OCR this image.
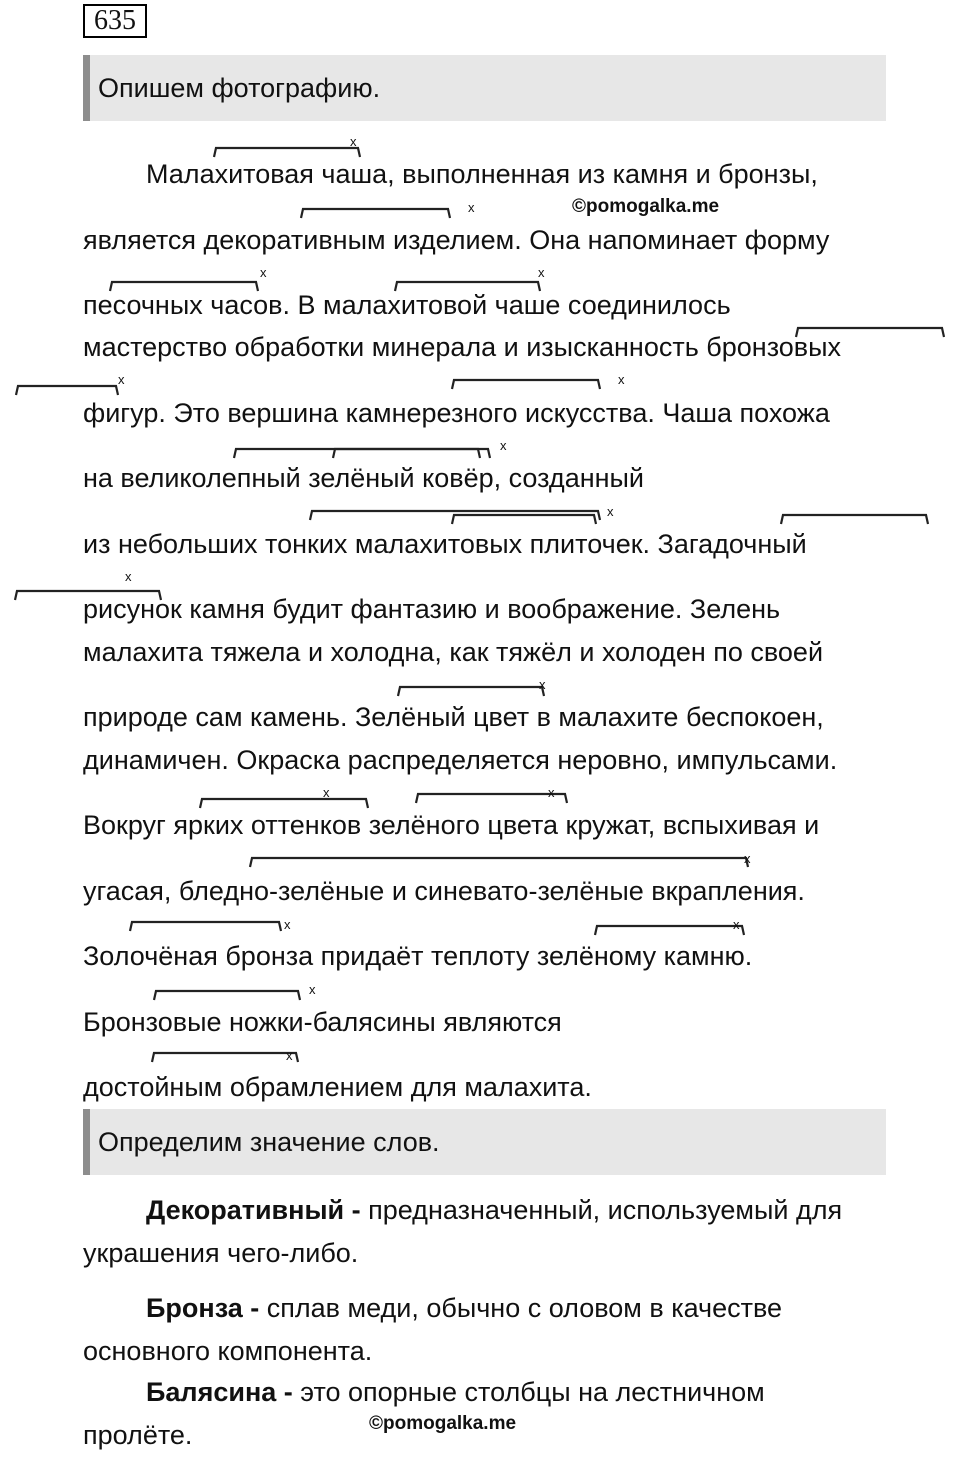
635
Опишем фотографию.
Малахитовая чаша, выполненная из камня и бронзы,
является декоративным изделием. Она напоминает форму
песочных часов. В малахитовой чаше соединилось
мастерство обработки минерала и изысканность бронзовых
фигур. Это вершина камнерезного искусства. Чаша похожа
на великолепный зелёный ковёр, созданный
из небольших тонких малахитовых плиточек. Загадочный
рисунок камня будит фантазию и воображение. Зелень
малахита тяжела и холодна, как тяжёл и холоден по своей
природе сам камень. Зелёный цвет в малахите беспокоен,
динамичен. Окраска распределяется неровно, импульсами.
Вокруг ярких оттенков зелёного цвета кружат, вспыхивая и
угасая, бледно-зелёные и синевато-зелёные вкрапления.
Золочёная бронза придаёт теплоту зелёному камню.
Бронзовые ножки-балясины являются
достойным обрамлением для малахита.
©pomogalka.me
x
x
x	x
x	x
x
x
x
x
x	x
x
x	x
x
x
Определим значение слов.
Декоративный - предназначенный, используемый для
украшения чего-либо.
Бронза - сплав меди, обычно с оловом в качестве
основного компонента.
Балясина - это опорные столбцы на лестничном
пролёте.	©pomogalka.me
